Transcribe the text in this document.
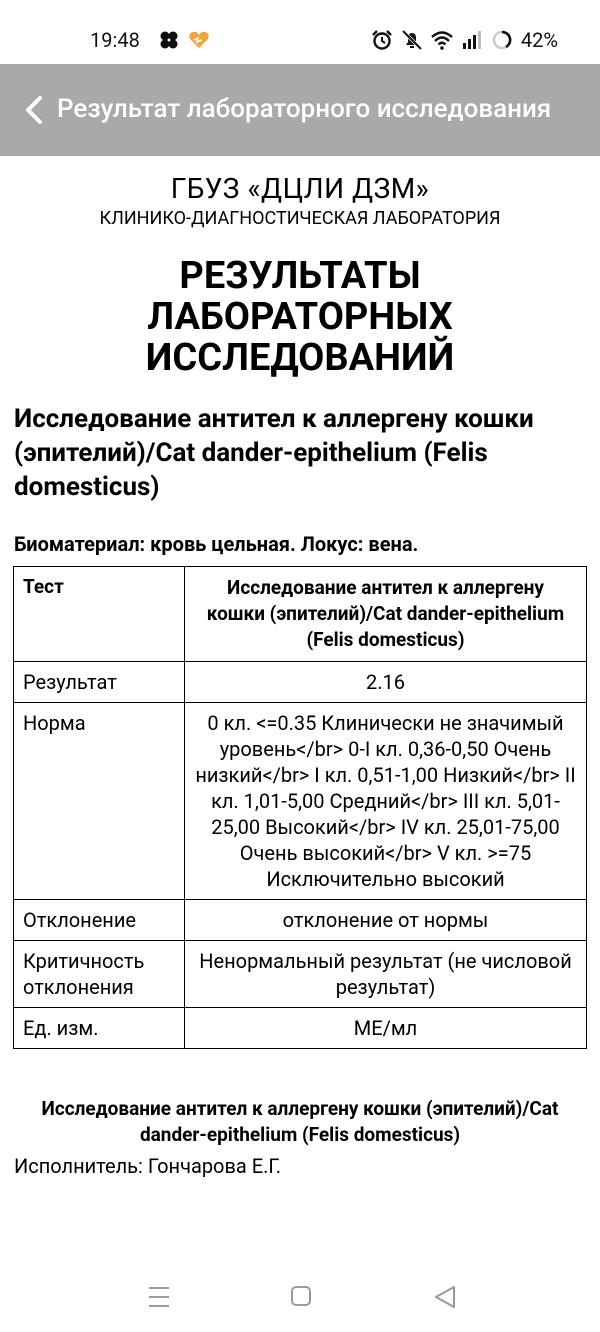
19:48	42%
Результат лабораторного исследования
ГБУЗ «ДЦЛИ ДЗМ»
КЛИНИКО-ДИАГНОСТИЧЕСКАЯ ЛАБОРАТОРИЯ
РЕЗУЛЬТАТЫ ЛАБОРАТОРНЫХ ИССЛЕДОВАНИЙ
Исследование антител к аллергену кошки (эпителий)/Cat dander-epithelium (Felis domesticus)
Биоматериал: кровь цельная. Локус: вена.
Тест	Исследование антител к аллергену кошки (эпителий)/Cat dander-epithelium (Felis domesticus)
Результат	2.16
Норма	0 кл. <=0.35 Клинически не значимый уровень</br> 0-I кл. 0,36-0,50 Очень низкий</br> I кл. 0,51-1,00 Низкий</br> II кл. 1,01-5,00 Средний</br> III кл. 5,01- 25,00 Высокий</br> IV кл. 25,01-75,00 Очень высокий</br> V кл. >=75 Исключительно высокий
Отклонение	отклонение от нормы
Критичность отклонения	Ненормальный результат (не числовой результат)
Ед. изм.	МЕ/мл
Исследование антител к аллергену кошки (эпителий)/Cat dander-epithelium (Felis domesticus)
Исполнитель: Гончарова Е.Г.
